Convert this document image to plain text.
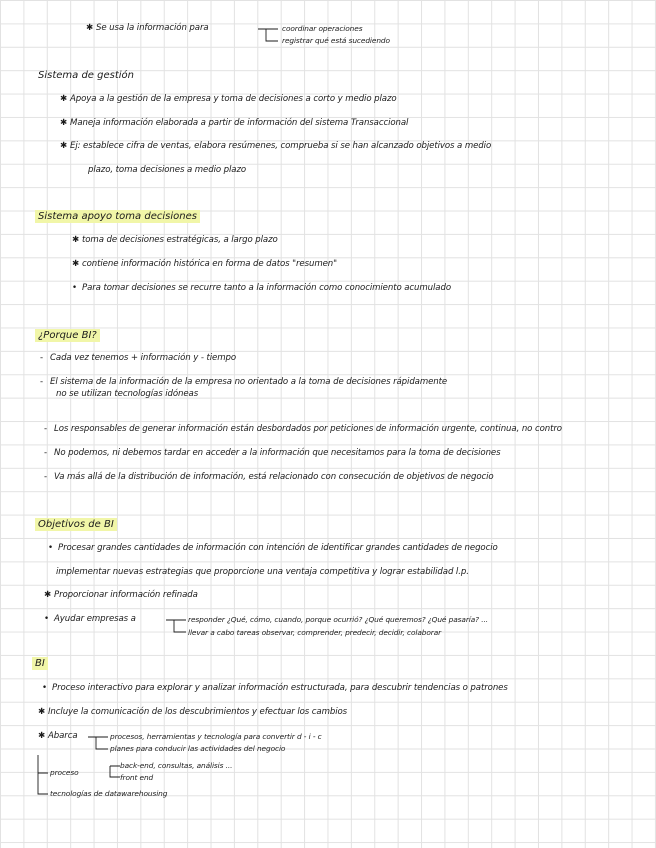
✱ Se usa la información para	coordinar operaciones
registrar qué está sucediendo
Sistema de gestión
✱ Apoya a la gestión de la empresa y toma de decisiones a corto y medio plazo
✱ Maneja información elaborada a partir de información del sistema Transaccional
✱ Ej: establece cifra de ventas, elabora resúmenes, comprueba si se han alcanzado objetivos a medio
plazo, toma decisiones a medio plazo
Sistema apoyo toma decisiones
✱ toma de decisiones estratégicas, a largo plazo
✱ contiene información histórica en forma de datos "resumen"
• Para tomar decisiones se recurre tanto a la información como conocimiento acumulado
¿Porque BI?
- Cada vez tenemos + información y - tiempo
- El sistema de la información de la empresa no orientado a la toma de decisiones rápidamente
no se utilizan tecnologías idóneas
- Los responsables de generar información están desbordados por peticiones de información urgente, continua, no contro
- No podemos, ni debemos tardar en acceder a la información que necesitamos para la toma de decisiones
- Va más allá de la distribución de información, está relacionado con consecución de objetivos de negocio
Objetivos de BI
• Procesar grandes cantidades de información con intención de identificar grandes cantidades de negocio
implementar nuevas estrategias que proporcione una ventaja competitiva y lograr estabilidad l.p.
✱ Proporcionar información refinada
• Ayudar empresas a	responder ¿Qué, cómo, cuando, porque ocurrió? ¿Qué queremos? ¿Qué pasaría? ...
llevar a cabo tareas observar, comprender, predecir, decidir, colaborar
BI
• Proceso interactivo para explorar y analizar información estructurada, para descubrir tendencias o patrones
✱ Incluye la comunicación de los descubrimientos y efectuar los cambios
✱ Abarca	procesos, herramientas y tecnología para convertir d - i - c
planes para conducir las actividades del negocio
back-end, consultas, análisis ...
front end
proceso
tecnologías de datawarehousing
